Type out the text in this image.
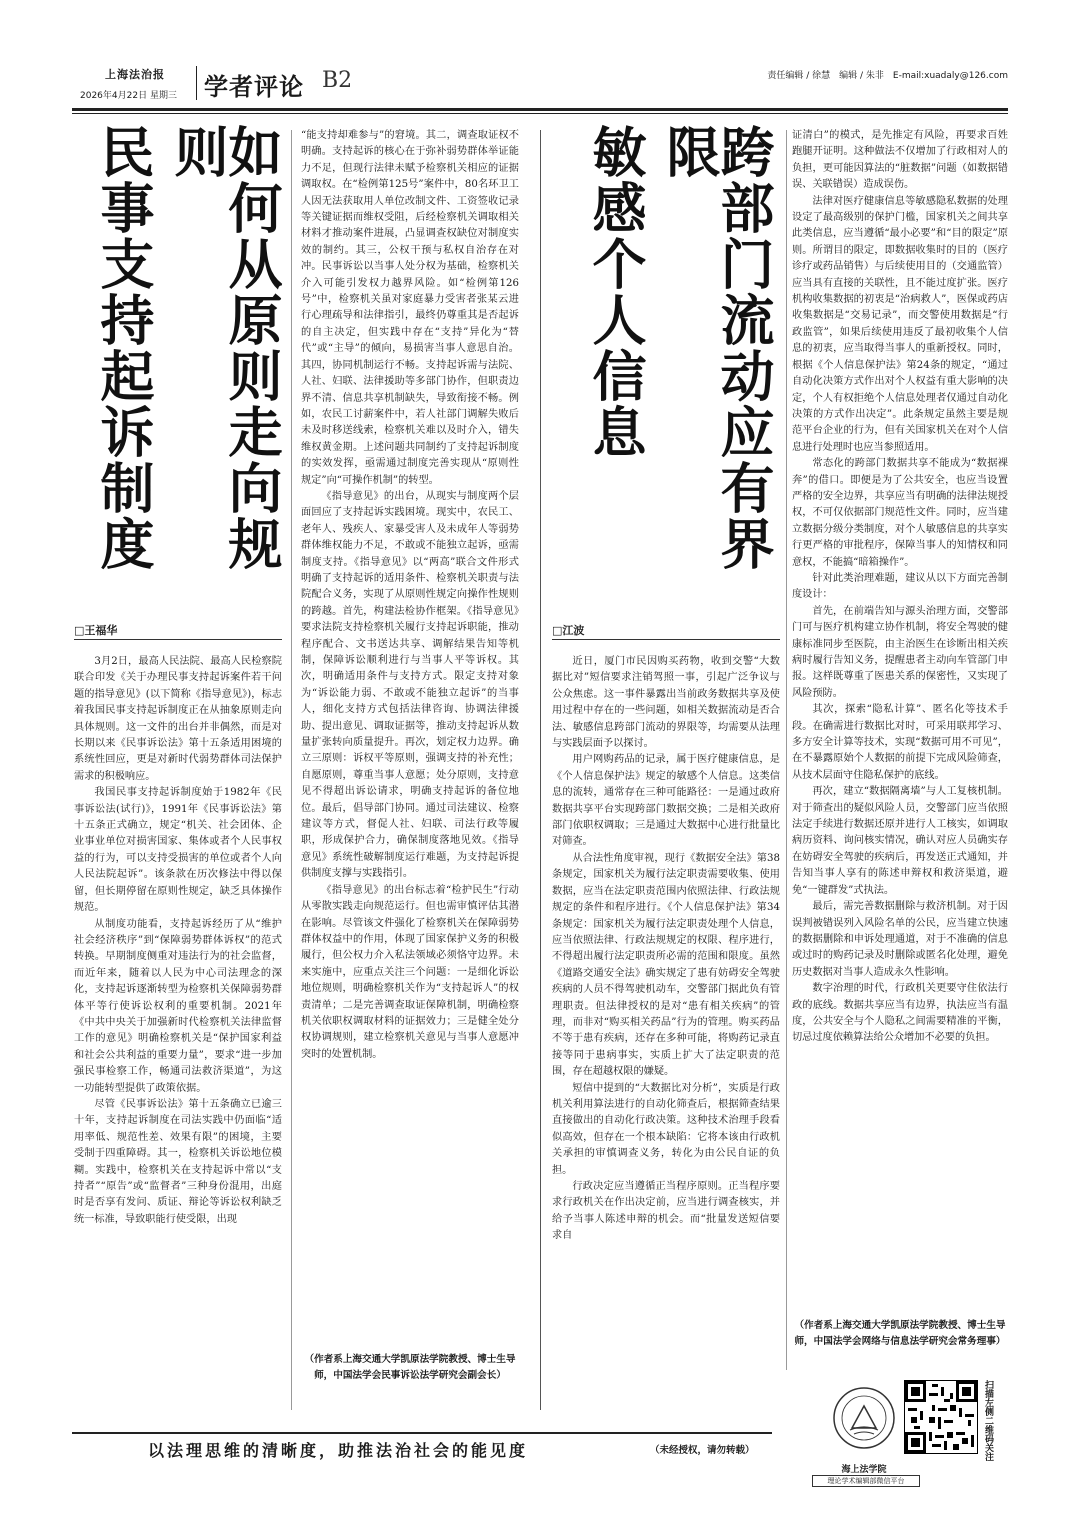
上海法治报
2026年4月22日 星期三	学者评论 B2	责任编辑 / 徐慧　编辑 / 朱非　E-mail:xuadaly@126.com
如何从原则走向规则
民事支持起诉制度	跨部门流动应有界限
敏感个人信息
□王福华	□江波

3月2日，最高人民法院、最高人民检察院联合印发《关于办理民事支持起诉案件若干问题的指导意见》(以下简称《指导意见》)，标志着我国民事支持起诉制度正在从抽象原则走向具体规则。这一文件的出台并非偶然，而是对长期以来《民事诉讼法》第十五条适用困境的系统性回应，更是对新时代弱势群体司法保护需求的积极响应。

我国民事支持起诉制度始于1982年《民事诉讼法(试行)》，1991年《民事诉讼法》第十五条正式确立，规定“机关、社会团体、企业事业单位对损害国家、集体或者个人民事权益的行为，可以支持受损害的单位或者个人向人民法院起诉”。该条款在历次修法中得以保留，但长期停留在原则性规定，缺乏具体操作规范。

从制度功能看，支持起诉经历了从“维护社会经济秩序”到“保障弱势群体诉权”的范式转换。早期制度侧重对违法行为的社会监督，而近年来，随着以人民为中心司法理念的深化，支持起诉逐渐转型为检察机关保障弱势群体平等行使诉讼权利的重要机制。2021年《中共中央关于加强新时代检察机关法律监督工作的意见》明确检察机关是“保护国家利益和社会公共利益的重要力量”，要求“进一步加强民事检察工作，畅通司法救济渠道”，为这一功能转型提供了政策依据。

尽管《民事诉讼法》第十五条确立已逾三十年，支持起诉制度在司法实践中仍面临“适用率低、规范性差、效果有限”的困境，主要受制于四重障碍。其一，检察机关诉讼地位模糊。实践中，检察机关在支持起诉中常以“支持者”“原告”或“监督者”三种身份混用，出庭时是否享有发问、质证、辩论等诉讼权利缺乏统一标准，导致职能行使受限，出现

“能支持却难参与”的窘境。其二，调查取证权不明确。支持起诉的核心在于弥补弱势群体举证能力不足，但现行法律未赋予检察机关相应的证据调取权。在“检例第125号”案件中，80名环卫工人因无法获取用人单位改制文件、工资签收记录等关键证据而维权受阻，后经检察机关调取相关材料才推动案件进展，凸显调查权缺位对制度实效的制约。其三，公权干预与私权自治存在对冲。民事诉讼以当事人处分权为基础，检察机关介入可能引发权力越界风险。如“检例第126号”中，检察机关虽对家庭暴力受害者张某云进行心理疏导和法律指引，最终仍尊重其是否起诉的自主决定，但实践中存在“支持”异化为“替代”或“主导”的倾向，易损害当事人意思自治。其四，协同机制运行不畅。支持起诉需与法院、人社、妇联、法律援助等多部门协作，但职责边界不清、信息共享机制缺失，导致衔接不畅。例如，农民工讨薪案件中，若人社部门调解失败后未及时移送线索，检察机关难以及时介入，错失维权黄金期。上述问题共同制约了支持起诉制度的实效发挥，亟需通过制度完善实现从“原则性规定”向“可操作机制”的转型。

《指导意见》的出台，从现实与制度两个层面回应了支持起诉实践困境。现实中，农民工、老年人、残疾人、家暴受害人及未成年人等弱势群体维权能力不足，不敢或不能独立起诉，亟需制度支持。《指导意见》以“两高”联合文件形式明确了支持起诉的适用条件、检察机关职责与法院配合义务，实现了从原则性规定向操作性规则的跨越。首先，构建法检协作框架。《指导意见》要求法院支持检察机关履行支持起诉职能，推动程序配合、文书送达共享、调解结果告知等机制，保障诉讼顺利进行与当事人平等诉权。其次，明确适用条件与支持方式。限定支持对象为“诉讼能力弱、不敢或不能独立起诉”的当事人，细化支持方式包括法律咨询、协调法律援助、提出意见、调取证据等，推动支持起诉从数量扩张转向质量提升。再次，划定权力边界。确立三原则：诉权平等原则，强调支持的补充性；自愿原则，尊重当事人意愿；处分原则，支持意见不得超出诉讼请求，明确支持起诉的备位地位。最后，倡导部门协同。通过司法建议、检察建议等方式，督促人社、妇联、司法行政等履职，形成保护合力，确保制度落地见效。《指导意见》系统性破解制度运行难题，为支持起诉提供制度支撑与实践指引。

《指导意见》的出台标志着“检护民生”行动从零散实践走向规范运行。但也需审慎评估其潜在影响。尽管该文件强化了检察机关在保障弱势群体权益中的作用，体现了国家保护义务的积极履行，但公权力介入私法领域必须恪守边界。未来实施中，应重点关注三个问题：一是细化诉讼地位规则，明确检察机关作为“支持起诉人”的权责清单；二是完善调查取证保障机制，明确检察机关依职权调取材料的证据效力；三是健全处分权协调规则，建立检察机关意见与当事人意愿冲突时的处置机制。

（作者系上海交通大学凯原法学院教授、博士生导师，中国法学会民事诉讼法学研究会副会长）

近日，厦门市民因购买药物，收到交警“大数据比对”短信要求注销驾照一事，引起广泛争议与公众焦虑。这一事件暴露出当前政务数据共享及使用过程中存在的一些问题，如相关数据流动是否合法、敏感信息跨部门流动的界限等，均需要从法理与实践层面予以探讨。

用户网购药品的记录，属于医疗健康信息，是《个人信息保护法》规定的敏感个人信息。这类信息的流转，通常存在三种可能路径：一是通过政府数据共享平台实现跨部门数据交换；二是相关政府部门依职权调取；三是通过大数据中心进行批量比对筛查。

从合法性角度审视，现行《数据安全法》第38条规定，国家机关为履行法定职责需要收集、使用数据，应当在法定职责范围内依照法律、行政法规规定的条件和程序进行。《个人信息保护法》第34条规定：国家机关为履行法定职责处理个人信息，应当依照法律、行政法规规定的权限、程序进行，不得超出履行法定职责所必需的范围和限度。虽然《道路交通安全法》确实规定了患有妨碍安全驾驶疾病的人员不得驾驶机动车，交警部门据此负有管理职责。但法律授权的是对“患有相关疾病”的管理，而非对“购买相关药品”行为的管理。购买药品不等于患有疾病，还存在多种可能，将购药记录直接等同于患病事实，实质上扩大了法定职责的范围，存在超越权限的嫌疑。

短信中提到的“大数据比对分析”，实质是行政机关利用算法进行的自动化筛查后，根据筛查结果直接做出的自动化行政决策。这种技术治理手段看似高效，但存在一个根本缺陷：它将本该由行政机关承担的审慎调查义务，转化为由公民自证的负担。

行政决定应当遵循正当程序原则。正当程序要求行政机关在作出决定前，应当进行调查核实，并给予当事人陈述申辩的机会。而“批量发送短信要求自

证清白”的模式，是先推定有风险，再要求百姓跑腿开证明。这种做法不仅增加了行政相对人的负担，更可能因算法的“脏数据”问题（如数据错误、关联错误）造成误伤。

法律对医疗健康信息等敏感隐私数据的处理设定了最高级别的保护门槛，国家机关之间共享此类信息，应当遵循“最小必要”和“目的限定”原则。所谓目的限定，即数据收集时的目的（医疗诊疗或药品销售）与后续使用目的（交通监管）应当具有直接的关联性，且不能过度扩张。医疗机构收集数据的初衷是“治病救人”，医保或药店收集数据是“交易记录”，而交警使用数据是“行政监管”，如果后续使用违反了最初收集个人信息的初衷，应当取得当事人的重新授权。同时，根据《个人信息保护法》第24条的规定，“通过自动化决策方式作出对个人权益有重大影响的决定，个人有权拒绝个人信息处理者仅通过自动化决策的方式作出决定”。此条规定虽然主要是规范平台企业的行为，但有关国家机关在对个人信息进行处理时也应当参照适用。

常态化的跨部门数据共享不能成为“数据裸奔”的借口。即便是为了公共安全，也应当设置严格的安全边界，共享应当有明确的法律法规授权，不可仅依据部门规范性文件。同时，应当建立数据分级分类制度，对个人敏感信息的共享实行更严格的审批程序，保障当事人的知情权和同意权，不能搞“暗箱操作”。

针对此类治理难题，建议从以下方面完善制度设计：

首先，在前端告知与源头治理方面，交警部门可与医疗机构建立协作机制，将安全驾驶的健康标准同步至医院，由主治医生在诊断出相关疾病时履行告知义务，提醒患者主动向车管部门申报。这样既尊重了医患关系的保密性，又实现了风险预防。

其次，探索“隐私计算”、匿名化等技术手段。在确需进行数据比对时，可采用联邦学习、多方安全计算等技术，实现“数据可用不可见”，在不暴露原始个人数据的前提下完成风险筛查，从技术层面守住隐私保护的底线。

再次，建立“数据隔离墙”与人工复核机制。对于筛查出的疑似风险人员，交警部门应当依照法定手续进行数据还原并进行人工核实，如调取病历资料、询问核实情况，确认对应人员确实存在妨碍安全驾驶的疾病后，再发送正式通知，并告知当事人享有的陈述申辩权和救济渠道，避免“一键群发”式执法。

最后，需完善数据删除与救济机制。对于因误判被错误列入风险名单的公民，应当建立快速的数据删除和申诉处理通道，对于不准确的信息或过时的购药记录及时删除或匿名化处理，避免历史数据对当事人造成永久性影响。

数字治理的时代，行政机关更要守住依法行政的底线。数据共享应当有边界，执法应当有温度，公共安全与个人隐私之间需要精准的平衡，切忌过度依赖算法给公众增加不必要的负担。

（作者系上海交通大学凯原法学院教授、博士生导师，中国法学会网络与信息法学研究会常务理事）
以法理思维的清晰度，助推法治社会的能见度	（未经授权，请勿转载）
海上法学院
理论学术编辑部微信平台
扫描左侧二维码关注
